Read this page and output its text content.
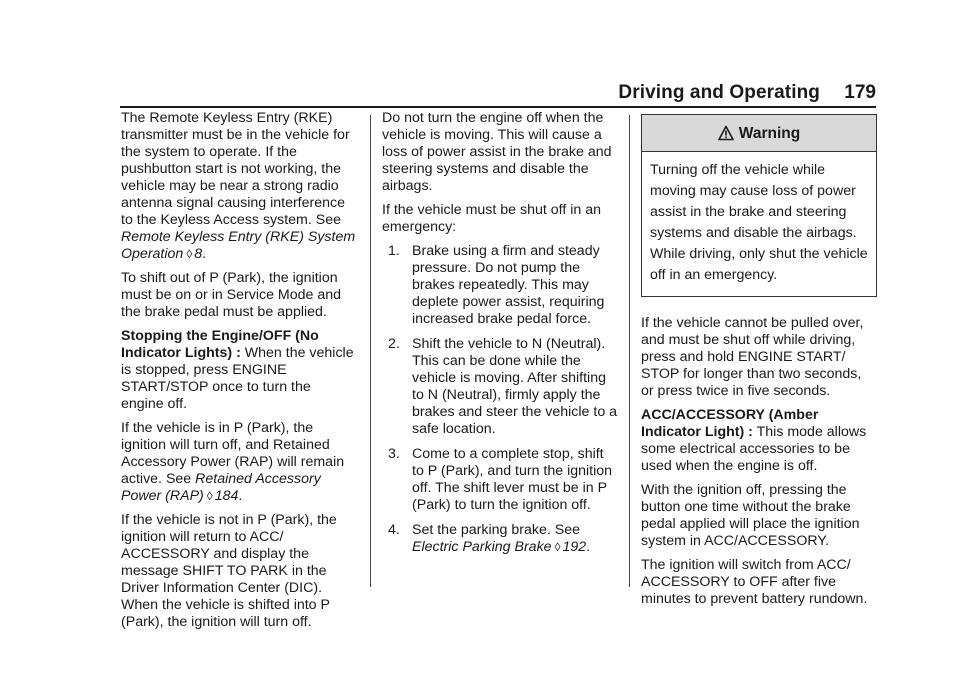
Driving and Operating	179

The Remote Keyless Entry (RKE) transmitter must be in the vehicle for the system to operate. If the pushbutton start is not working, the vehicle may be near a strong radio antenna signal causing interference to the Keyless Access system. See Remote Keyless Entry (RKE) System Operation ◊ 8.

To shift out of P (Park), the ignition must be on or in Service Mode and the brake pedal must be applied.

Stopping the Engine/OFF (No Indicator Lights) : When the vehicle is stopped, press ENGINE START/STOP once to turn the engine off.

If the vehicle is in P (Park), the ignition will turn off, and Retained Accessory Power (RAP) will remain active. See Retained Accessory Power (RAP) ◊ 184.

If the vehicle is not in P (Park), the ignition will return to ACC/ ACCESSORY and display the message SHIFT TO PARK in the Driver Information Center (DIC). When the vehicle is shifted into P (Park), the ignition will turn off.

Do not turn the engine off when the vehicle is moving. This will cause a loss of power assist in the brake and steering systems and disable the airbags.

If the vehicle must be shut off in an emergency:

1. Brake using a firm and steady pressure. Do not pump the brakes repeatedly. This may deplete power assist, requiring increased brake pedal force.
2. Shift the vehicle to N (Neutral). This can be done while the vehicle is moving. After shifting to N (Neutral), firmly apply the brakes and steer the vehicle to a safe location.
3. Come to a complete stop, shift to P (Park), and turn the ignition off. The shift lever must be in P (Park) to turn the ignition off.
4. Set the parking brake. See Electric Parking Brake ◊ 192.
Warning
Turning off the vehicle while moving may cause loss of power assist in the brake and steering systems and disable the airbags. While driving, only shut the vehicle off in an emergency.

If the vehicle cannot be pulled over, and must be shut off while driving, press and hold ENGINE START/ STOP for longer than two seconds, or press twice in five seconds.

ACC/ACCESSORY (Amber Indicator Light) : This mode allows some electrical accessories to be used when the engine is off.

With the ignition off, pressing the button one time without the brake pedal applied will place the ignition system in ACC/ACCESSORY.

The ignition will switch from ACC/ ACCESSORY to OFF after five minutes to prevent battery rundown.
